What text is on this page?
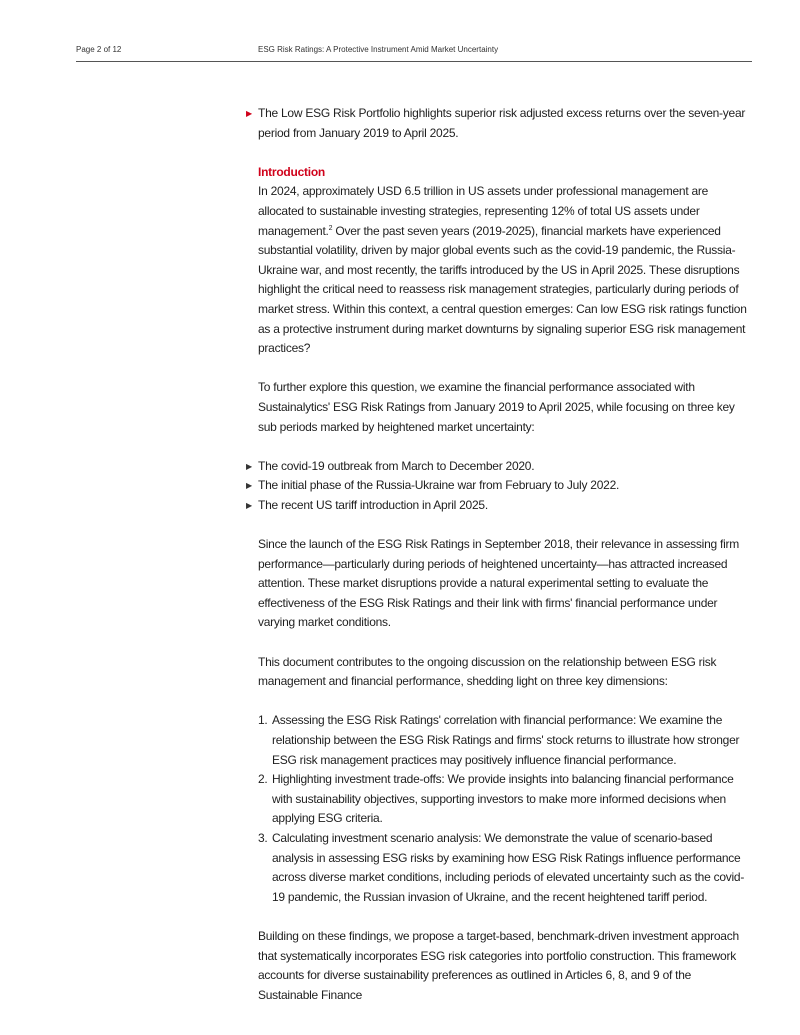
Page 2 of 12	ESG Risk Ratings: A Protective Instrument Amid Market Uncertainty

▶ The Low ESG Risk Portfolio highlights superior risk adjusted excess returns over the seven-year period from January 2019 to April 2025.

Introduction

In 2024, approximately USD 6.5 trillion in US assets under professional management are allocated to sustainable investing strategies, representing 12% of total US assets under management.$^2$ Over the past seven years (2019-2025), financial markets have experienced substantial volatility, driven by major global events such as the covid-19 pandemic, the Russia-Ukraine war, and most recently, the tariffs introduced by the US in April 2025. These disruptions highlight the critical need to reassess risk management strategies, particularly during periods of market stress. Within this context, a central question emerges: Can low ESG risk ratings function as a protective instrument during market downturns by signaling superior ESG risk management practices?

To further explore this question, we examine the financial performance associated with Sustainalytics' ESG Risk Ratings from January 2019 to April 2025, while focusing on three key sub periods marked by heightened market uncertainty:

▶ The covid-19 outbreak from March to December 2020.

▶ The initial phase of the Russia-Ukraine war from February to July 2022.

▶ The recent US tariff introduction in April 2025.

Since the launch of the ESG Risk Ratings in September 2018, their relevance in assessing firm performance—particularly during periods of heightened uncertainty—has attracted increased attention. These market disruptions provide a natural experimental setting to evaluate the effectiveness of the ESG Risk Ratings and their link with firms' financial performance under varying market conditions.

This document contributes to the ongoing discussion on the relationship between ESG risk management and financial performance, shedding light on three key dimensions:

1. Assessing the ESG Risk Ratings' correlation with financial performance: We examine the relationship between the ESG Risk Ratings and firms' stock returns to illustrate how stronger ESG risk management practices may positively influence financial performance.
2. Highlighting investment trade-offs: We provide insights into balancing financial performance with sustainability objectives, supporting investors to make more informed decisions when applying ESG criteria.
3. Calculating investment scenario analysis: We demonstrate the value of scenario-based analysis in assessing ESG risks by examining how ESG Risk Ratings influence performance across diverse market conditions, including periods of elevated uncertainty such as the covid-19 pandemic, the Russian invasion of Ukraine, and the recent heightened tariff period.

Building on these findings, we propose a target-based, benchmark-driven investment approach that systematically incorporates ESG risk categories into portfolio construction. This framework accounts for diverse sustainability preferences as outlined in Articles 6, 8, and 9 of the Sustainable Finance
